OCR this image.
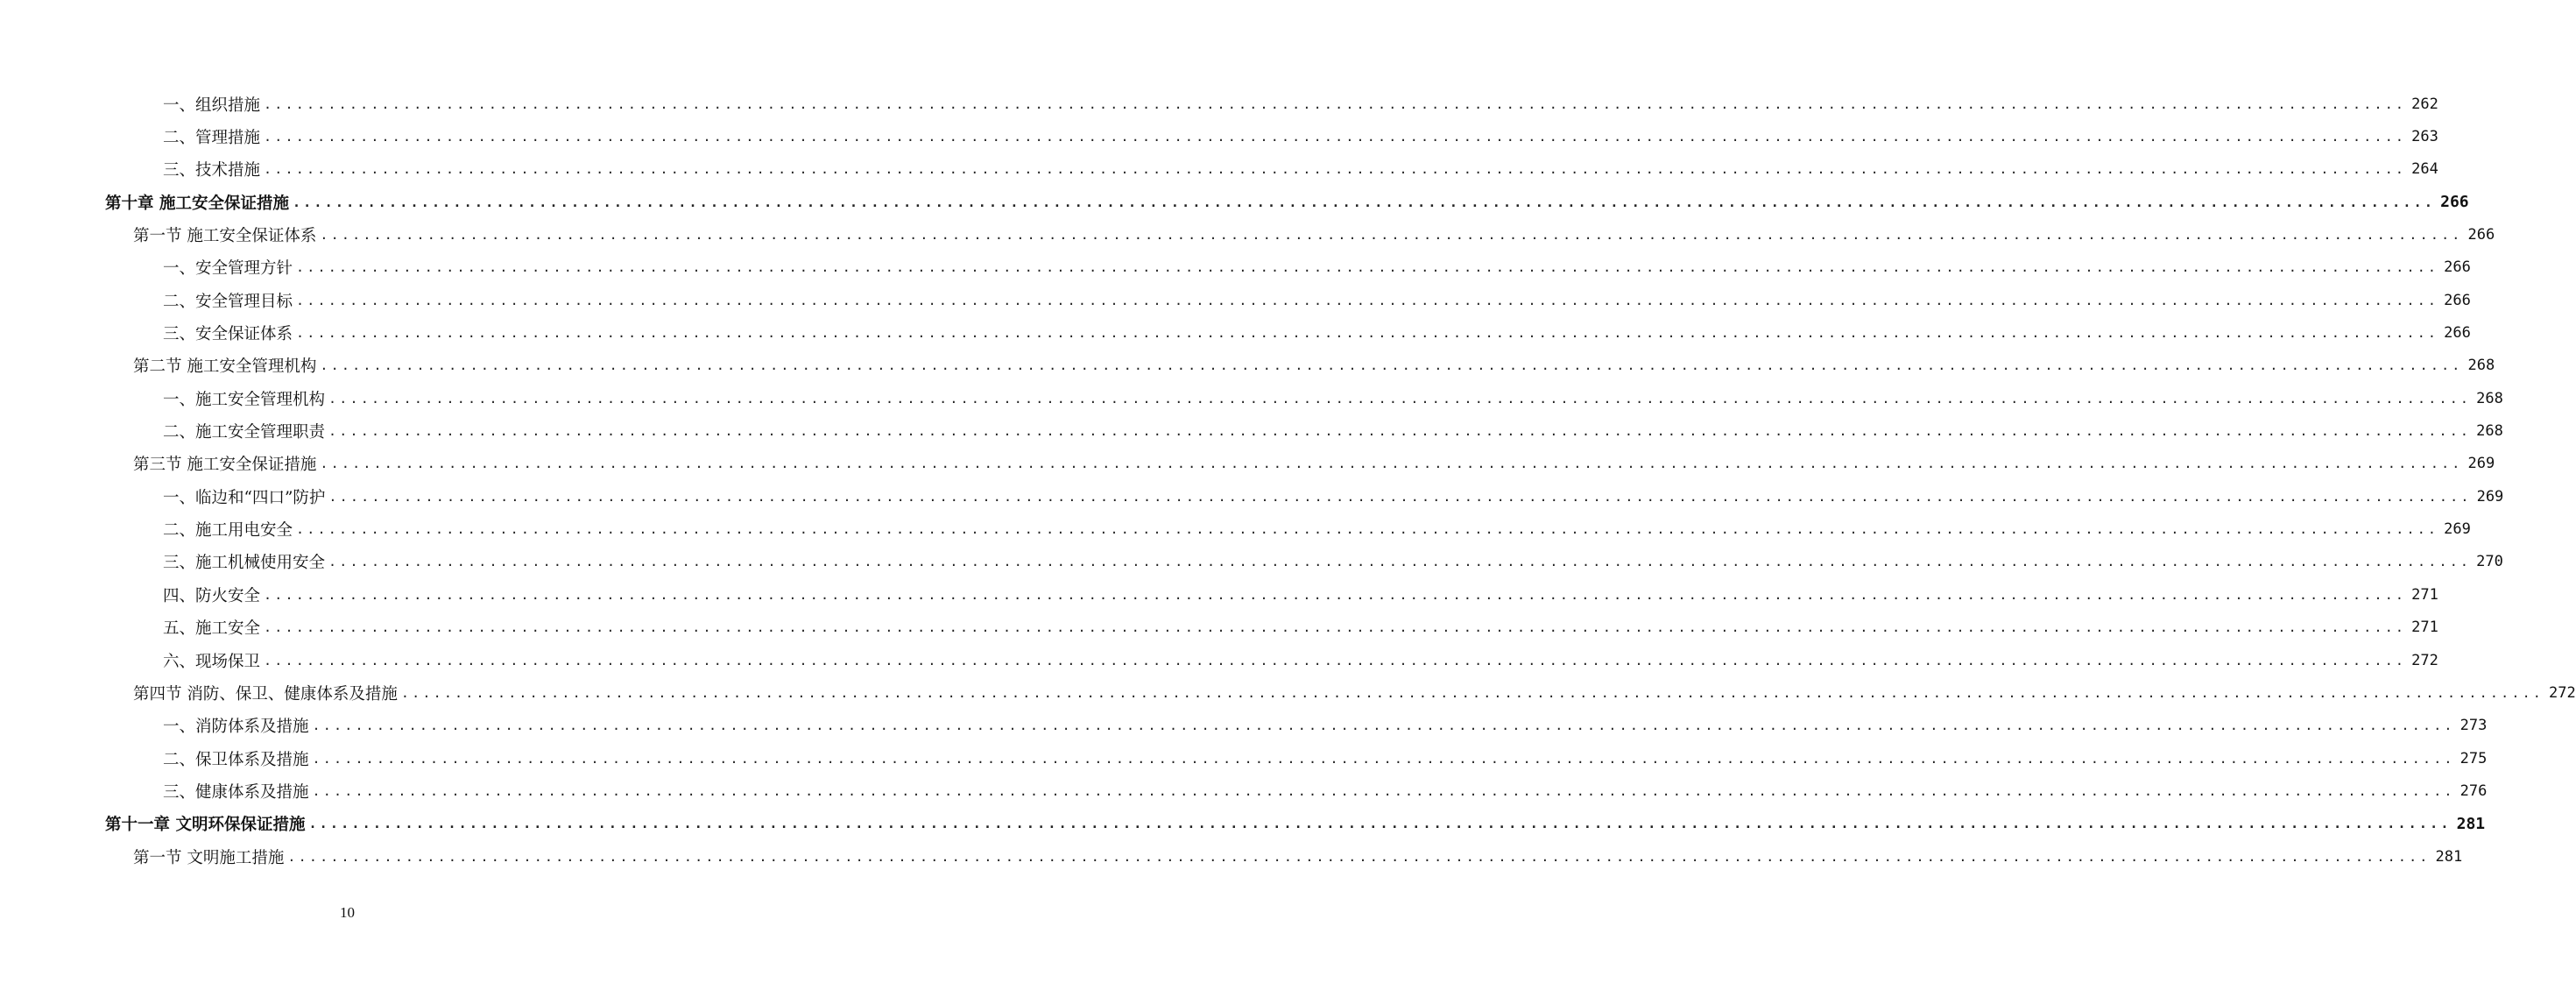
一、组织措施 ........................................................................................................................................................................................................ 262
二、管理措施 ........................................................................................................................................................................................................ 263
三、技术措施 ........................................................................................................................................................................................................ 264
第十章 施工安全保证措施 ........................................................................................................................................................................................................ 266
第一节 施工安全保证体系 ........................................................................................................................................................................................................ 266
一、安全管理方针 ........................................................................................................................................................................................................ 266
二、安全管理目标 ........................................................................................................................................................................................................ 266
三、安全保证体系 ........................................................................................................................................................................................................ 266
第二节 施工安全管理机构 ........................................................................................................................................................................................................ 268
一、施工安全管理机构 ........................................................................................................................................................................................................ 268
二、施工安全管理职责 ........................................................................................................................................................................................................ 268
第三节 施工安全保证措施 ........................................................................................................................................................................................................ 269
一、临边和“四口”防护 ........................................................................................................................................................................................................ 269
二、施工用电安全 ........................................................................................................................................................................................................ 269
三、施工机械使用安全 ........................................................................................................................................................................................................ 270
四、防火安全 ........................................................................................................................................................................................................ 271
五、施工安全 ........................................................................................................................................................................................................ 271
六、现场保卫 ........................................................................................................................................................................................................ 272
第四节 消防、保卫、健康体系及措施 ........................................................................................................................................................................................................ 272
一、消防体系及措施 ........................................................................................................................................................................................................ 273
二、保卫体系及措施 ........................................................................................................................................................................................................ 275
三、健康体系及措施 ........................................................................................................................................................................................................ 276
第十一章 文明环保保证措施 ........................................................................................................................................................................................................ 281
第一节 文明施工措施 ........................................................................................................................................................................................................ 281
10
